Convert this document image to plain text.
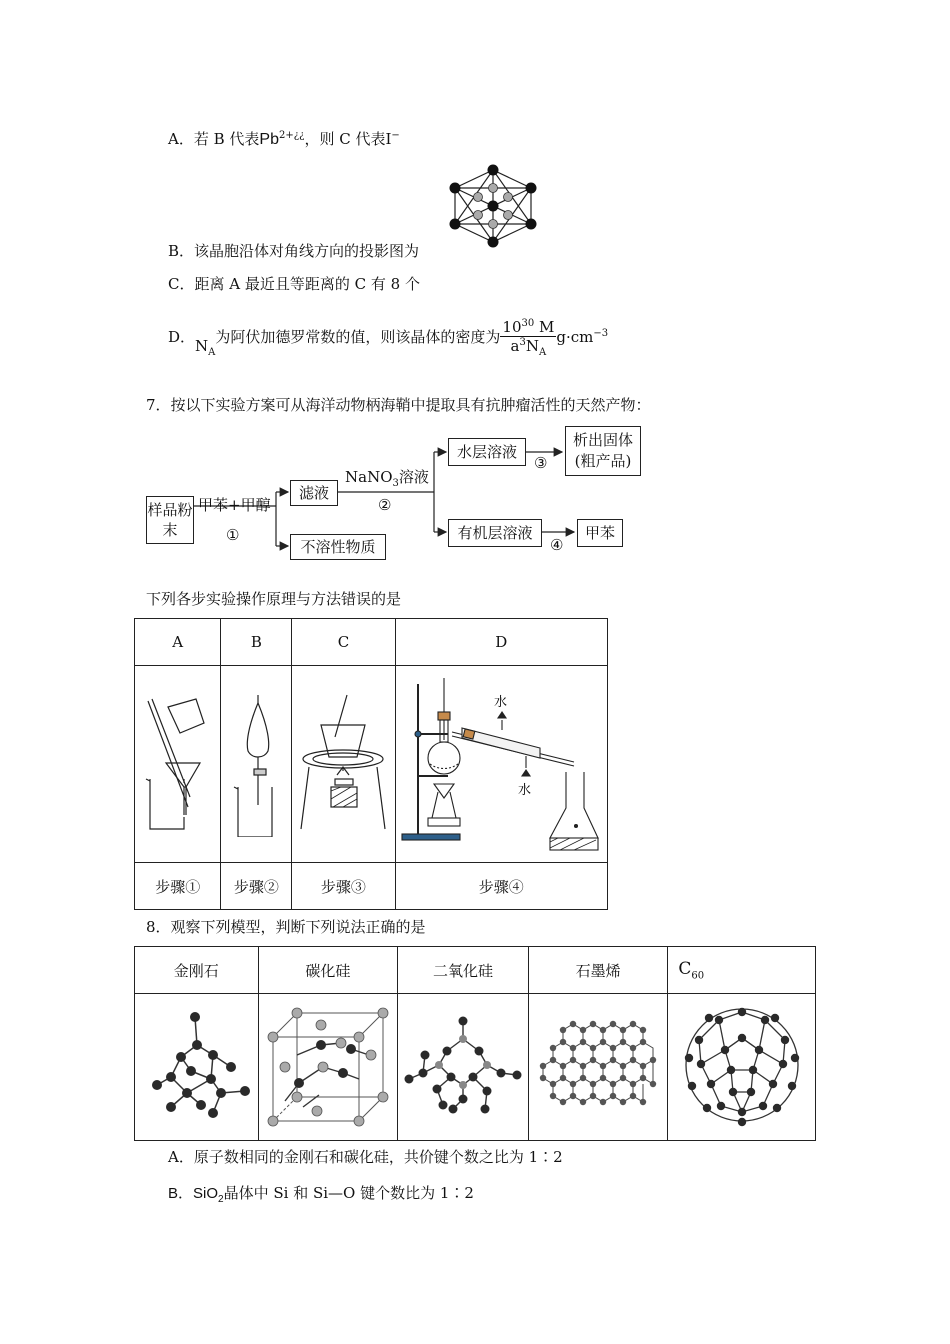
A．若 B 代表$Pb^{2+¿¿}$，则 C 代表I−
B．该晶胞沿体对角线方向的投影图为
C．距离 A 最近且等距离的 C 有 8 个
D．$N_A$为阿伏加德罗常数的值，则该晶体的密度为 $\frac{10^{30} M}{a^3N_A} g\cdot cm^{-3}$
7．按以下实验方案可从海洋动物柄海鞘中提取具有抗肿瘤活性的天然产物：
样品粉末
甲苯+甲醇
①
滤液
不溶性物质
NaNO$_3$溶液
②
水层溶液
有机层溶液
③
④
析出固体
(粗产品)
甲苯
下列各步实验操作原理与方法错误的是
A	B	C	D

水
水

步骤①	步骤②	步骤③	步骤④
8．观察下列模型，判断下列说法正确的是
金刚石	碳化硅	二氧化硅	石墨烯	$C_{60}$

A．原子数相同的金刚石和碳化硅，共价键个数之比为 1∶2
B．SiO$_2$晶体中 Si 和 Si—O 键个数比为 1∶2
